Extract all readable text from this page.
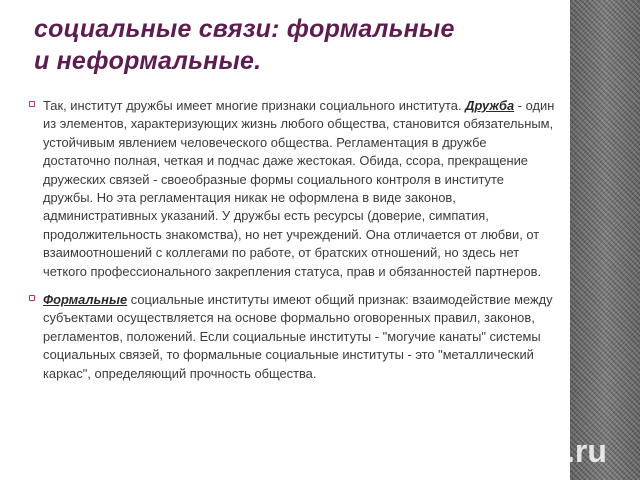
социальные связи: формальные
и неформальные.

Так, институт дружбы имеет многие признаки социального института. Дружба - один из элементов, характеризующих жизнь любого общества, становится обязательным, устойчивым явлением человеческого общества. Регламентация в дружбе достаточно полная, четкая и подчас даже жестокая. Обида, ссора, прекращение дружеских связей - своеобразные формы социального контроля в институте дружбы. Но эта регламентация никак не оформлена в виде законов, административных указаний. У дружбы есть ресурсы (доверие, симпатия, продолжительность знакомства), но нет учреждений. Она отличается от любви, от взаимоотношений с коллегами по работе, от братских отношений, но здесь нет четкого профессионального закрепления статуса, прав и обязанностей партнеров.

Формальные социальные институты имеют общий признак: взаимодействие между субъектами осуществляется на основе формально оговоренных правил, законов, регламентов, положений. Если социальные институты - "могучие канаты" системы социальных связей, то формальные социальные институты - это "металлический каркас", определяющий прочность общества.

.ru
